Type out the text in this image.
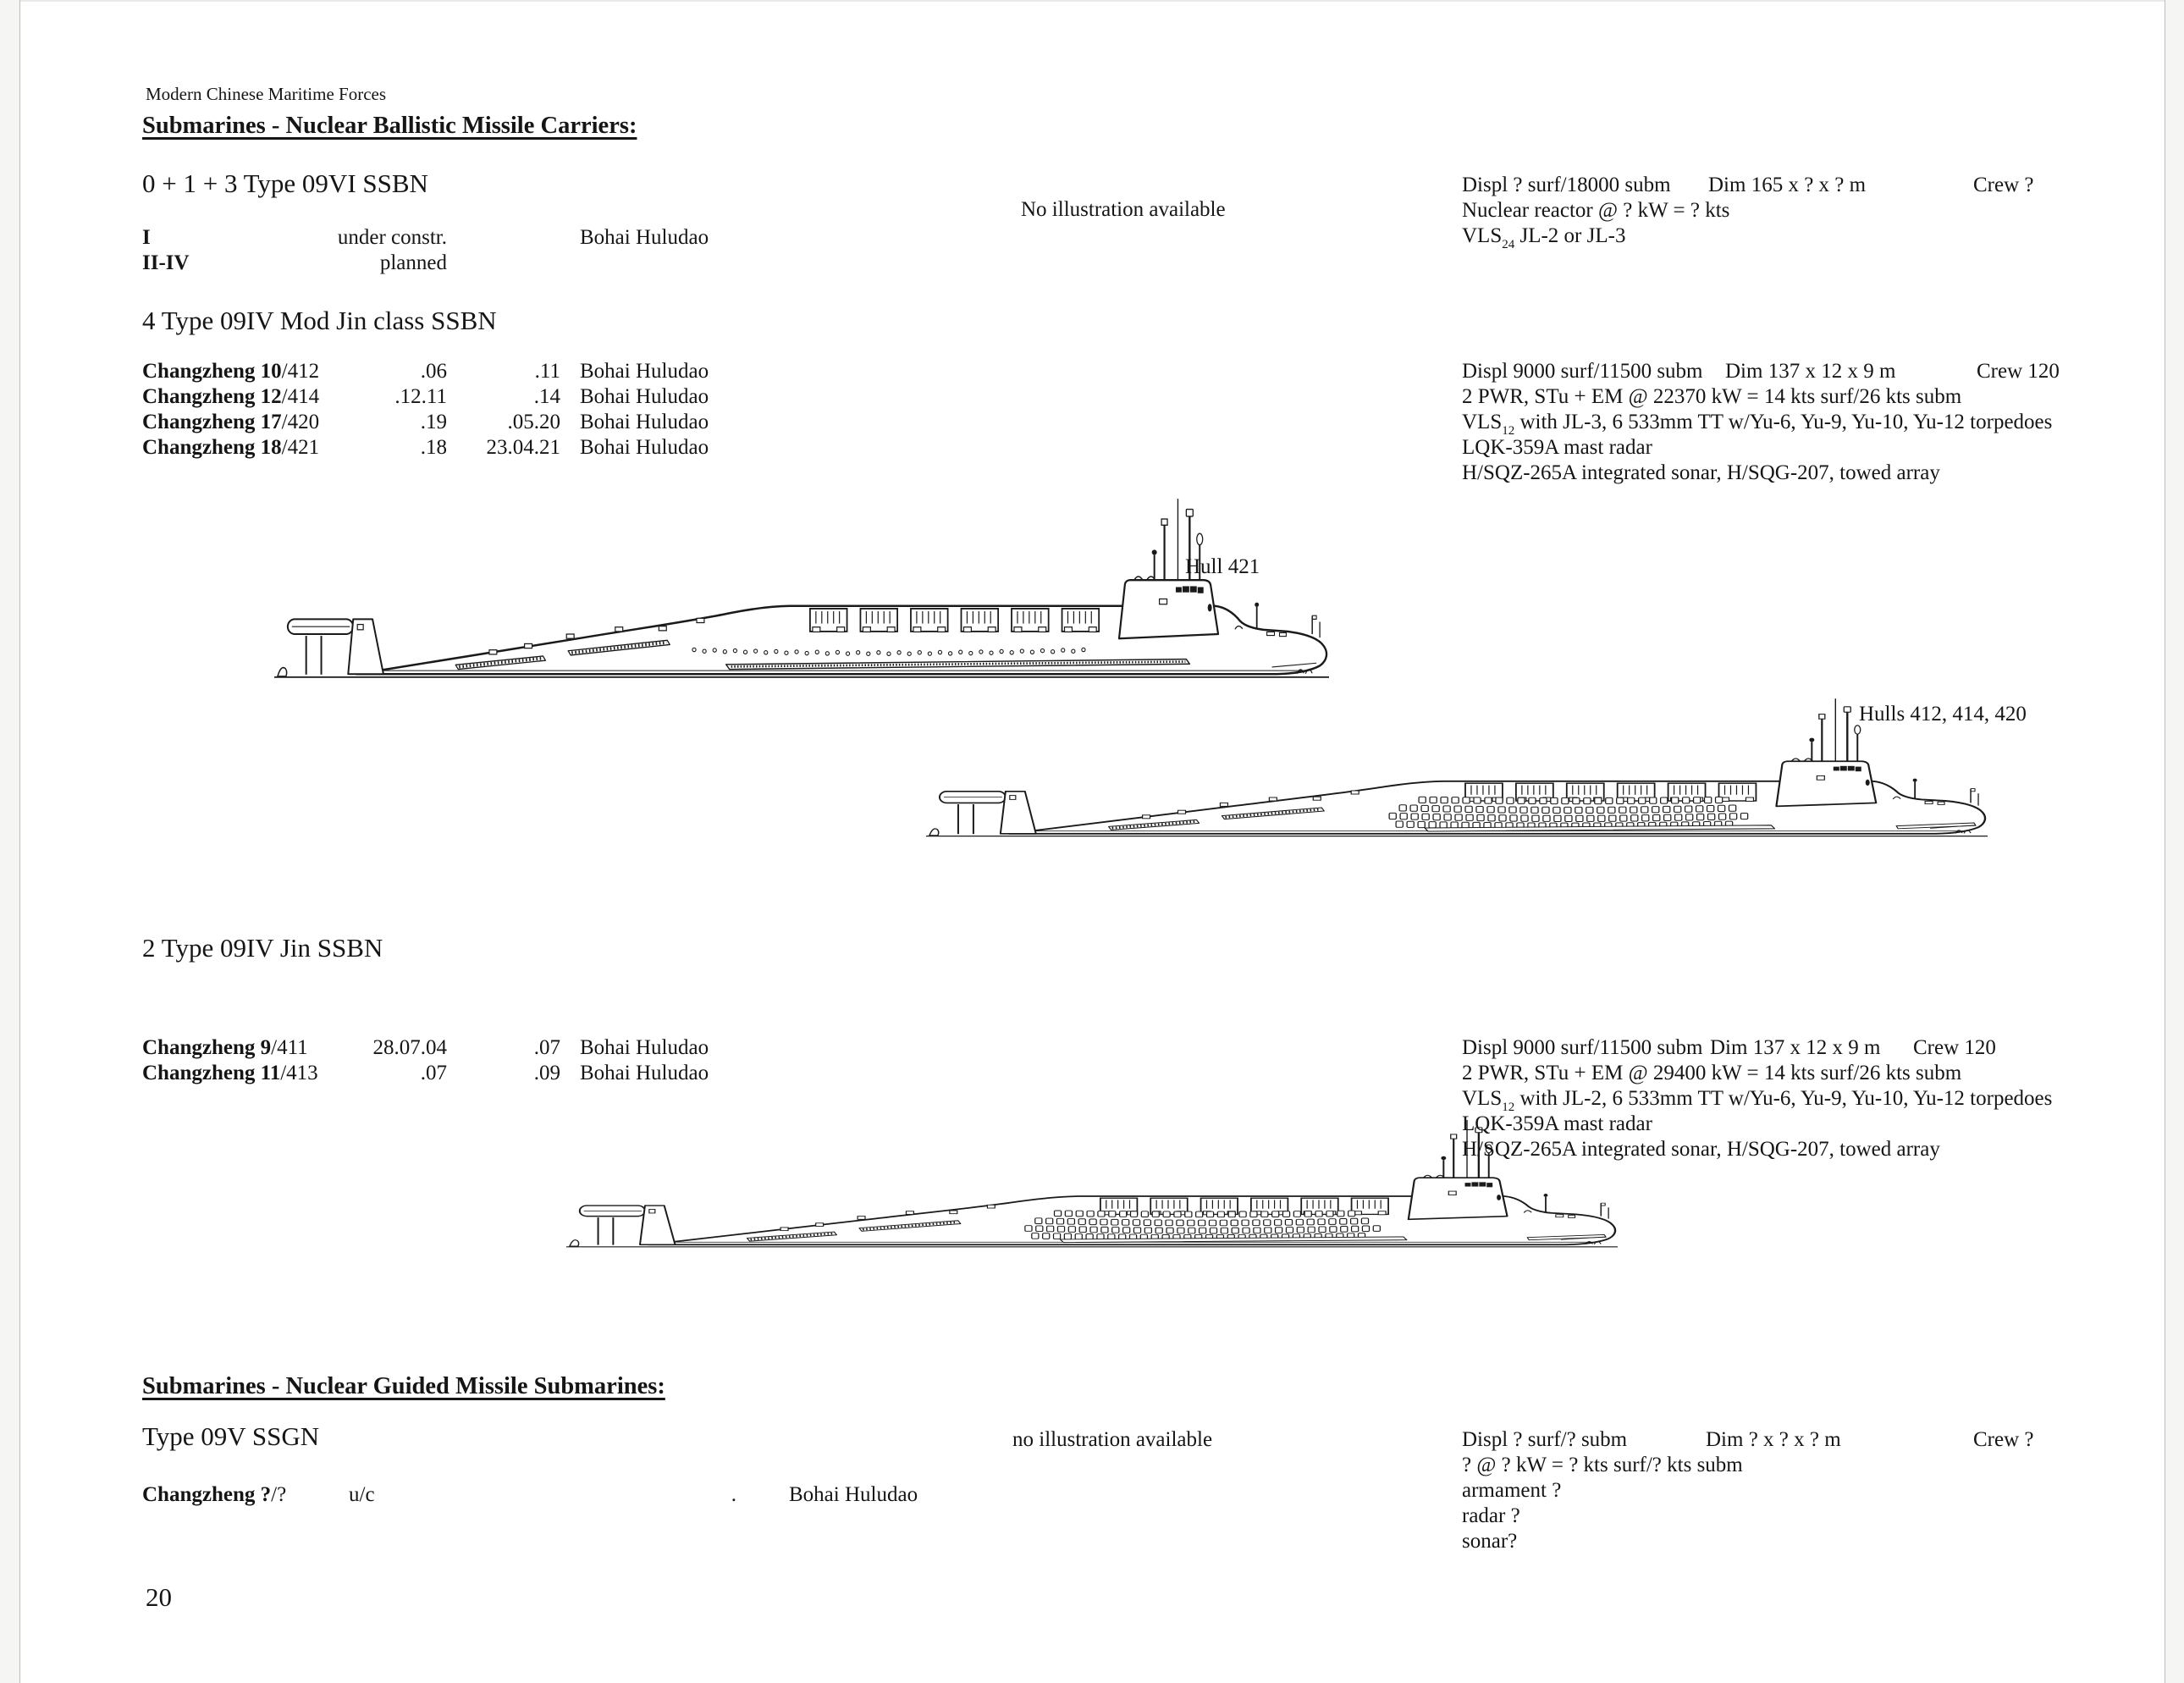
Modern Chinese Maritime Forces
Submarines - Nuclear Ballistic Missile Carriers:
0 + 1 + 3 Type 09VI SSBN
No illustration available
4 Type 09IV Mod Jin class SSBN
Hull 421
Hulls 412, 414, 420
2 Type 09IV Jin SSBN
Submarines - Nuclear Guided Missile Submarines:
Type 09V SSGN	no illustration available
20
I	under constr.	Bohai Huludao
II-IV	planned
Changzheng 10/412	.06	.11 Bohai Huludao
Changzheng 12/414	.12.11	.14 Bohai Huludao
Changzheng 17/420	.19	.05.20 Bohai Huludao
Changzheng 18/421	.18	23.04.21 Bohai Huludao
Changzheng 9/411	28.07.04	.07 Bohai Huludao
Changzheng 11/413	.07	.09 Bohai Huludao
Changzheng ?/?	u/c	. Bohai Huludao
Displ ? surf/18000 subm Dim 165 x ? x ? m	Crew ?
Nuclear reactor @ ? kW = ? kts
$VLS_{24}$ JL-2 or JL-3
Displ 9000 surf/11500 subm Dim 137 x 12 x 9 m	Crew 120
2 PWR, STu + EM @ 22370 kW = 14 kts surf/26 kts subm
$VLS_{12}$ with JL-3, 6 533mm TT w/Yu-6, Yu-9, Yu-10, Yu-12 torpedoes
LQK-359A mast radar
H/SQZ-265A integrated sonar, H/SQG-207, towed array
Displ 9000 surf/11500 subm Dim 137 x 12 x 9 m Crew 120
2 PWR, STu + EM @ 29400 kW = 14 kts surf/26 kts subm
$VLS_{12}$ with JL-2, 6 533mm TT w/Yu-6, Yu-9, Yu-10, Yu-12 torpedoes
LQK-359A mast radar
H/SQZ-265A integrated sonar, H/SQG-207, towed array
Displ ? surf/? subm	Dim ? x ? x ? m	Crew ?
? @ ? kW = ? kts surf/? kts subm
armament ?
radar ?
sonar?
